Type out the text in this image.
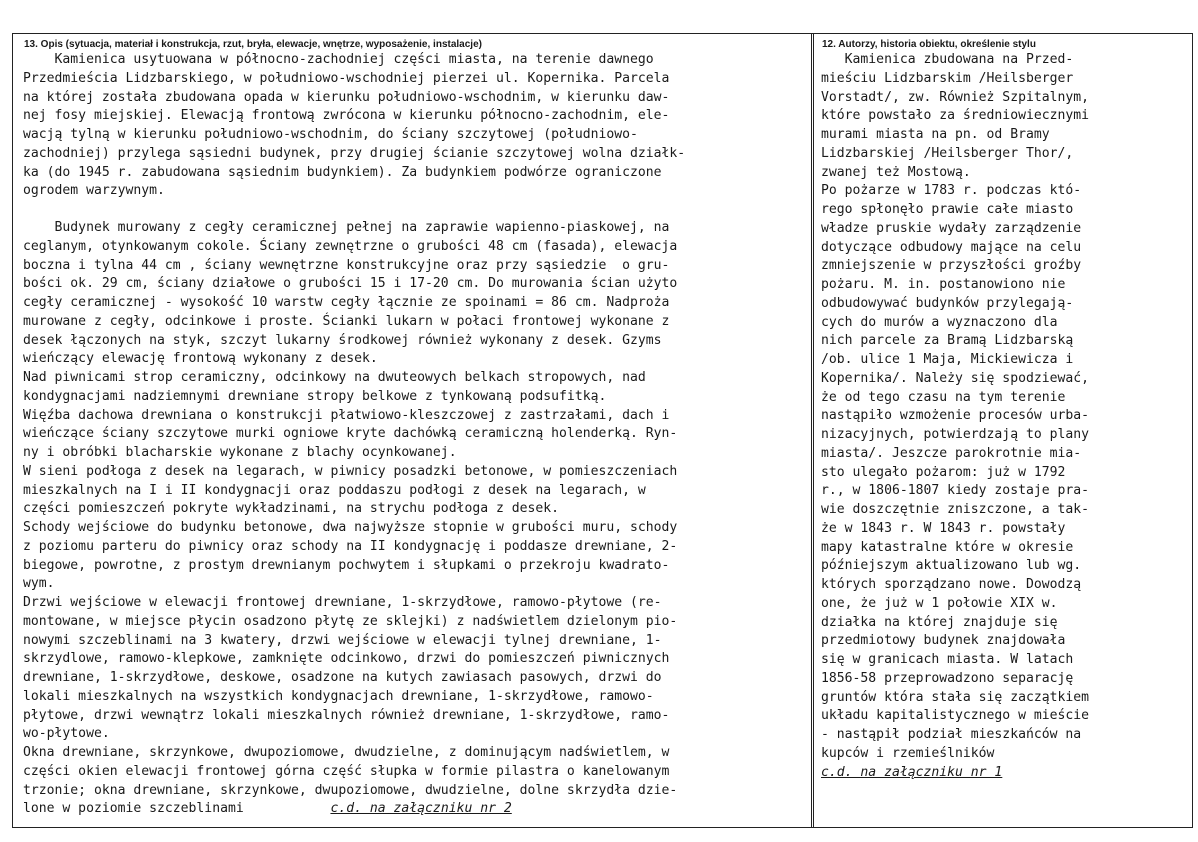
13. Opis (sytuacja, materiał i konstrukcja, rzut, bryła, elewacje, wnętrze, wyposażenie, instalacje)

Kamienica usytuowana w północno-zachodniej części miasta, na terenie dawnego
Przedmieścia Lidzbarskiego, w południowo-wschodniej pierzei ul. Kopernika. Parcela
na której została zbudowana opada w kierunku południowo-wschodnim, w kierunku daw-
nej fosy miejskiej. Elewacją frontową zwrócona w kierunku północno-zachodnim, ele-
wacją tylną w kierunku południowo-wschodnim, do ściany szczytowej (południowo-
zachodniej) przylega sąsiedni budynek, przy drugiej ścianie szczytowej wolna działk-
ka (do 1945 r. zabudowana sąsiednim budynkiem). Za budynkiem podwórze ograniczone
ogrodem warzywnym.

Budynek murowany z cegły ceramicznej pełnej na zaprawie wapienno-piaskowej, na
ceglanym, otynkowanym cokole. Ściany zewnętrzne o grubości 48 cm (fasada), elewacja
boczna i tylna 44 cm , ściany wewnętrzne konstrukcyjne oraz przy sąsiedzie  o gru-
bości ok. 29 cm, ściany działowe o grubości 15 i 17-20 cm. Do murowania ścian użyto
cegły ceramicznej - wysokość 10 warstw cegły łącznie ze spoinami = 86 cm. Nadproża
murowane z cegły, odcinkowe i proste. Ścianki lukarn w połaci frontowej wykonane z
desek łączonych na styk, szczyt lukarny środkowej również wykonany z desek. Gzyms
wieńczący elewację frontową wykonany z desek.
Nad piwnicami strop ceramiczny, odcinkowy na dwuteowych belkach stropowych, nad
kondygnacjami nadziemnymi drewniane stropy belkowe z tynkowaną podsufitką.
Więźba dachowa drewniana o konstrukcji płatwiowo-kleszczowej z zastrzałami, dach i
wieńczące ściany szczytowe murki ogniowe kryte dachówką ceramiczną holenderką. Ryn-
ny i obróbki blacharskie wykonane z blachy ocynkowanej.
W sieni podłoga z desek na legarach, w piwnicy posadzki betonowe, w pomieszczeniach
mieszkalnych na I i II kondygnacji oraz poddaszu podłogi z desek na legarach, w
części pomieszczeń pokryte wykładzinami, na strychu podłoga z desek.
Schody wejściowe do budynku betonowe, dwa najwyższe stopnie w grubości muru, schody
z poziomu parteru do piwnicy oraz schody na II kondygnację i poddasze drewniane, 2-
biegowe, powrotne, z prostym drewnianym pochwytem i słupkami o przekroju kwadrato-
wym.
Drzwi wejściowe w elewacji frontowej drewniane, 1-skrzydłowe, ramowo-płytowe (re-
montowane, w miejsce płycin osadzono płytę ze sklejki) z nadświetlem dzielonym pio-
nowymi szczeblinami na 3 kwatery, drzwi wejściowe w elewacji tylnej drewniane, 1-
skrzydlowe, ramowo-klepkowe, zamknięte odcinkowo, drzwi do pomieszczeń piwnicznych
drewniane, 1-skrzydłowe, deskowe, osadzone na kutych zawiasach pasowych, drzwi do
lokali mieszkalnych na wszystkich kondygnacjach drewniane, 1-skrzydłowe, ramowo-
płytowe, drzwi wewnątrz lokali mieszkalnych również drewniane, 1-skrzydłowe, ramo-
wo-płytowe.
Okna drewniane, skrzynkowe, dwupoziomowe, dwudzielne, z dominującym nadświetlem, w
części okien elewacji frontowej górna część słupka w formie pilastra o kanelowanym
trzonie; okna drewniane, skrzynkowe, dwupoziomowe, dwudzielne, dolne skrzydła dzie-

lone w poziomie szczeblinami           c.d. na załączniku nr 2

12. Autorzy, historia obiektu, określenie stylu

Kamienica zbudowana na Przed-
mieściu Lidzbarskim /Heilsberger
Vorstadt/, zw. Również Szpitalnym,
które powstało za średniowiecznymi
murami miasta na pn. od Bramy
Lidzbarskiej /Heilsberger Thor/,
zwanej też Mostową.
Po pożarze w 1783 r. podczas któ-
rego spłonęło prawie całe miasto
władze pruskie wydały zarządzenie
dotyczące odbudowy mające na celu
zmniejszenie w przyszłości groźby
pożaru. M. in. postanowiono nie
odbudowywać budynków przylegają-
cych do murów a wyznaczono dla
nich parcele za Bramą Lidzbarską
/ob. ulice 1 Maja, Mickiewicza i
Kopernika/. Należy się spodziewać,
że od tego czasu na tym terenie
nastąpiło wzmożenie procesów urba-
nizacyjnych, potwierdzają to plany
miasta/. Jeszcze parokrotnie mia-
sto ulegało pożarom: już w 1792
r., w 1806-1807 kiedy zostaje pra-
wie doszczętnie zniszczone, a tak-
że w 1843 r. W 1843 r. powstały
mapy katastralne które w okresie
późniejszym aktualizowano lub wg.
których sporządzano nowe. Dowodzą
one, że już w 1 połowie XIX w.
działka na której znajduje się
przedmiotowy budynek znajdowała
się w granicach miasta. W latach
1856-58 przeprowadzono separację
gruntów która stała się zaczątkiem
układu kapitalistycznego w mieście
- nastąpił podział mieszkańców na
kupców i rzemieślników

c.d. na załączniku nr 1
